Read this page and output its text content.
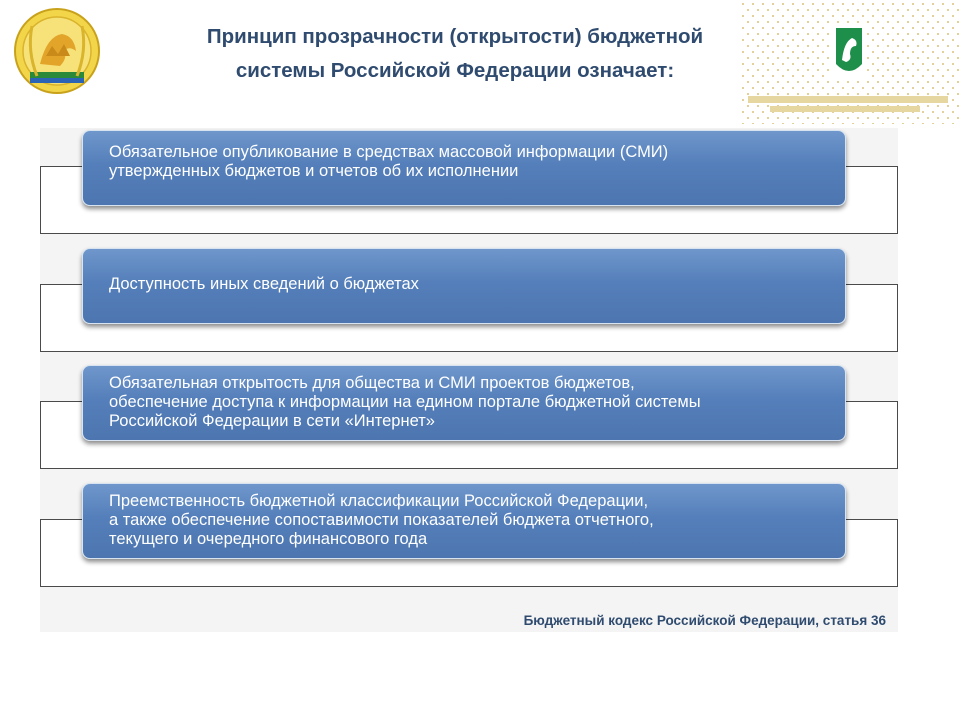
Принцип прозрачности (открытости) бюджетной
системы Российской Федерации означает:
Обязательное опубликование в средствах массовой информации (СМИ)
утвержденных бюджетов и отчетов об их исполнении
Доступность иных сведений о бюджетах
Обязательная открытость для общества и СМИ проектов бюджетов,
обеспечение доступа к информации на едином портале бюджетной системы
Российской Федерации в сети «Интернет»
Преемственность бюджетной классификации Российской Федерации,
а также обеспечение сопоставимости показателей бюджета отчетного,
текущего и очередного финансового года
Бюджетный кодекс Российской Федерации, статья 36
